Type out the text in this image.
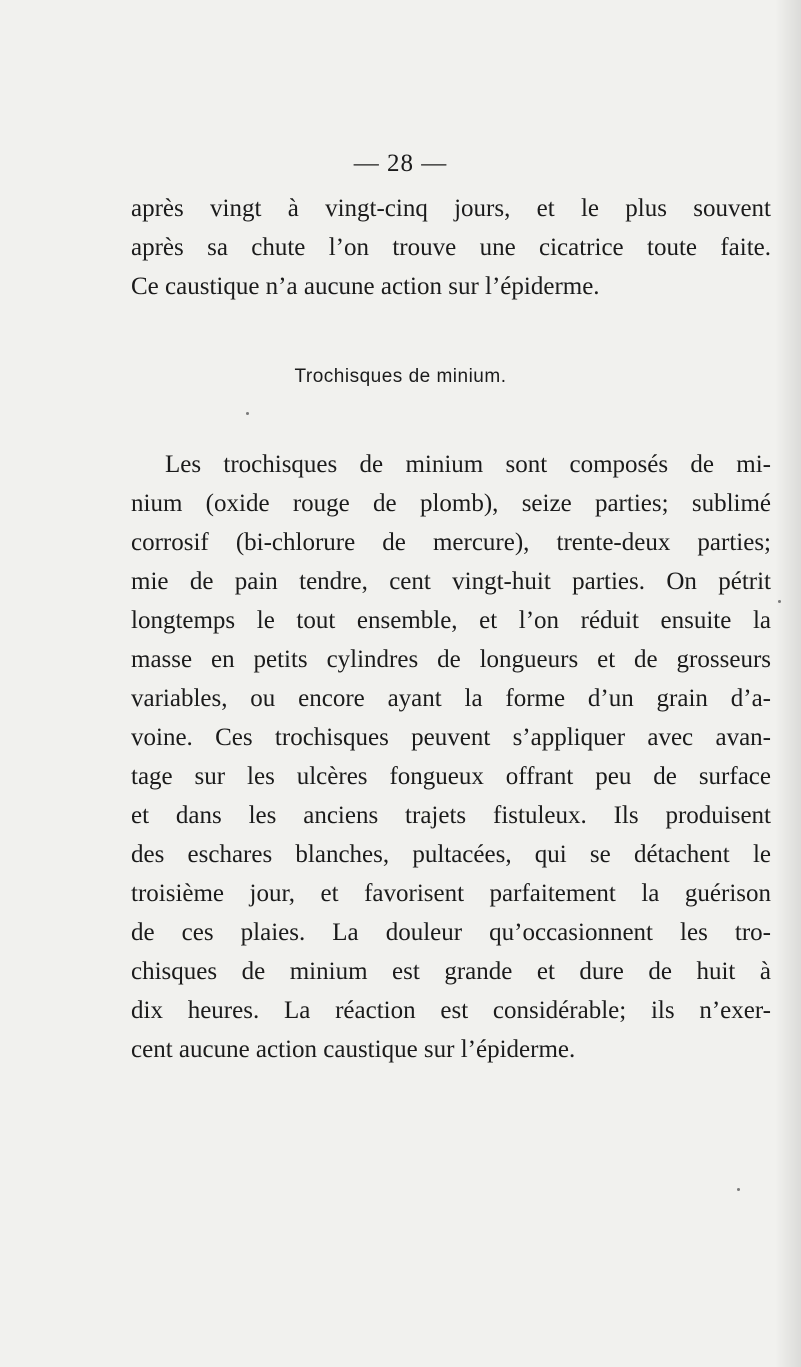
— 28 —
après vingt à vingt-cinq jours, et le plus souvent
après sa chute l’on trouve une cicatrice toute faite.
Ce caustique n’a aucune action sur l’épiderme.
Trochisques de minium.
Les trochisques de minium sont composés de mi-
nium (oxide rouge de plomb), seize parties; sublimé
corrosif (bi-chlorure de mercure), trente-deux parties;
mie de pain tendre, cent vingt-huit parties. On pétrit
longtemps le tout ensemble, et l’on réduit ensuite la
masse en petits cylindres de longueurs et de grosseurs
variables, ou encore ayant la forme d’un grain d’a-
voine. Ces trochisques peuvent s’appliquer avec avan-
tage sur les ulcères fongueux offrant peu de surface
et dans les anciens trajets fistuleux. Ils produisent
des eschares blanches, pultacées, qui se détachent le
troisième jour, et favorisent parfaitement la guérison
de ces plaies. La douleur qu’occasionnent les tro-
chisques de minium est grande et dure de huit à
dix heures. La réaction est considérable; ils n’exer-
cent aucune action caustique sur l’épiderme.
